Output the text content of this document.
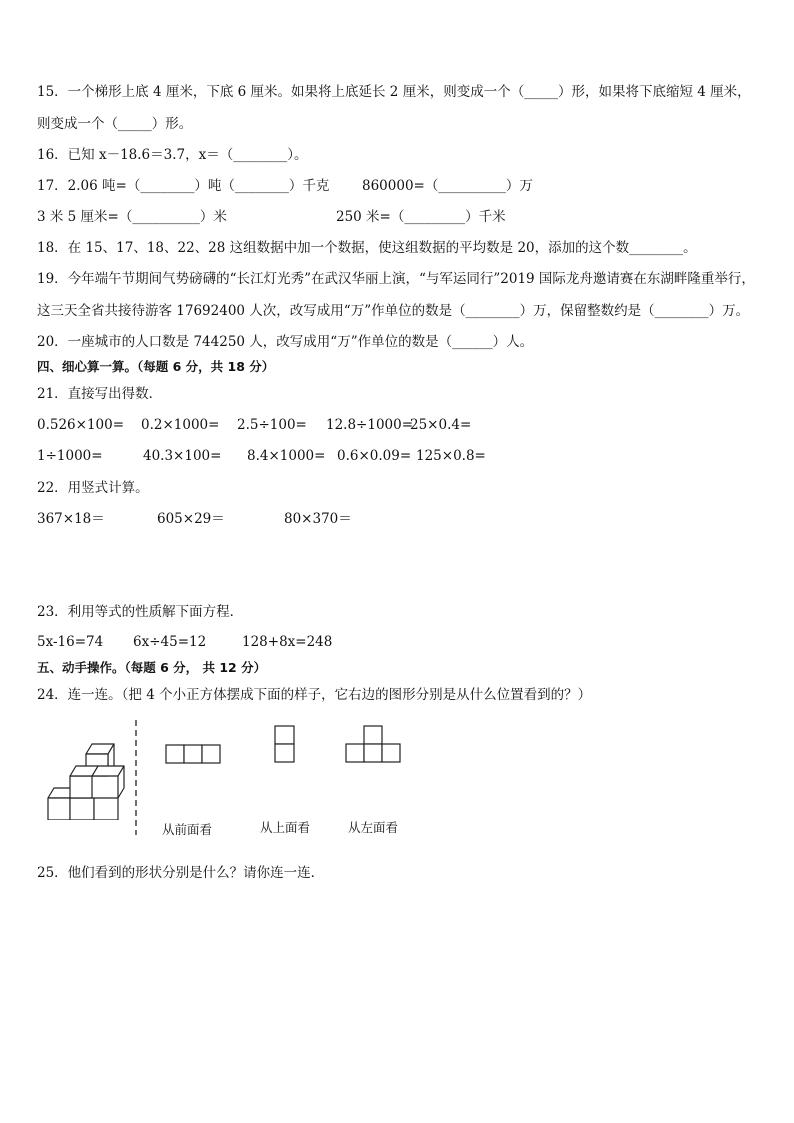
15．一个梯形上底 4 厘米，下底 6 厘米。如果将上底延长 2 厘米，则变成一个（_____）形，如果将下底缩短 4 厘米，
则变成一个（_____）形。
16．已知 x－18.6＝3.7，x＝（________）。
17．2.06 吨=（________）吨（________）千克 860000=（__________）万
3 米 5 厘米=（__________）米	250 米=（_________）千米
18．在 15、17、18、22、28 这组数据中加一个数据，使这组数据的平均数是 20，添加的这个数________。
19．今年端午节期间气势磅礴的“长江灯光秀”在武汉华丽上演，“与军运同行”2019 国际龙舟邀请赛在东湖畔隆重举行，
这三天全省共接待游客 17692400 人次，改写成用“万”作单位的数是（________）万，保留整数约是（________）万。
20．一座城市的人口数是 744250 人，改写成用“万”作单位的数是（______）人。
四、细心算一算。（每题 6 分，共 18 分）
21．直接写出得数．
0.526×100= 0.2×1000= 2.5÷100= 12.8÷1000=
25×0.4=
1÷1000=	40.3×100= 8.4×1000= 0.6×0.09= 125×0.8=
22．用竖式计算。
367×18＝	605×29＝	80×370＝
23．利用等式的性质解下面方程．
5x-16=74 6x÷45=12	128+8x=248
五、动手操作。（每题 6 分， 共 12 分）
24．连一连。（把 4 个小正方体摆成下面的样子，它右边的图形分别是从什么位置看到的？）
从前面看	从上面看	从左面看
25．他们看到的形状分别是什么？请你连一连．
